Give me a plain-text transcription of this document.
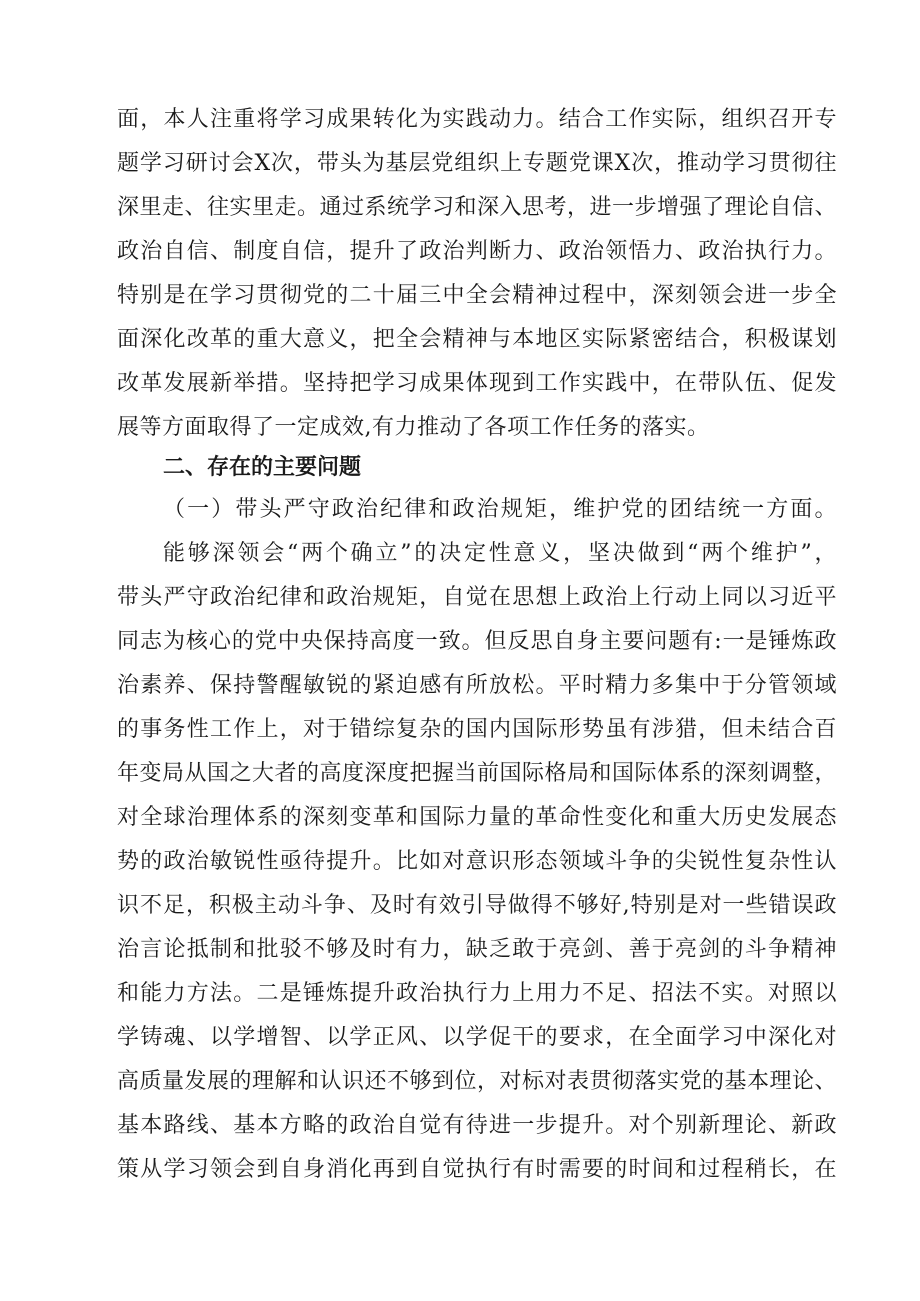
面，本人注重将学习成果转化为实践动力。结合工作实际，组织召开专
题学习研讨会X次，带头为基层党组织上专题党课X次，推动学习贯彻往
深里走、往实里走。通过系统学习和深入思考，进一步增强了理论自信、
政治自信、制度自信，提升了政治判断力、政治领悟力、政治执行力。
特别是在学习贯彻党的二十届三中全会精神过程中，深刻领会进一步全
面深化改革的重大意义，把全会精神与本地区实际紧密结合，积极谋划
改革发展新举措。坚持把学习成果体现到工作实践中，在带队伍、促发
展等方面取得了一定成效,有力推动了各项工作任务的落实。
二、存在的主要问题
（一）带头严守政治纪律和政治规矩，维护党的团结统一方面。
能够深领会“两个确立”的决定性意义，坚决做到“两个维护”，
带头严守政治纪律和政治规矩，自觉在思想上政治上行动上同以习近平
同志为核心的党中央保持高度一致。但反思自身主要问题有:一是锤炼政
治素养、保持警醒敏锐的紧迫感有所放松。平时精力多集中于分管领域
的事务性工作上，对于错综复杂的国内国际形势虽有涉猎，但未结合百
年变局从国之大者的高度深度把握当前国际格局和国际体系的深刻调整，
对全球治理体系的深刻变革和国际力量的革命性变化和重大历史发展态
势的政治敏锐性亟待提升。比如对意识形态领域斗争的尖锐性复杂性认
识不足，积极主动斗争、及时有效引导做得不够好,特别是对一些错误政
治言论抵制和批驳不够及时有力，缺乏敢于亮剑、善于亮剑的斗争精神
和能力方法。二是锤炼提升政治执行力上用力不足、招法不实。对照以
学铸魂、以学增智、以学正风、以学促干的要求，在全面学习中深化对
高质量发展的理解和认识还不够到位，对标对表贯彻落实党的基本理论、
基本路线、基本方略的政治自觉有待进一步提升。对个别新理论、新政
策从学习领会到自身消化再到自觉执行有时需要的时间和过程稍长，在
